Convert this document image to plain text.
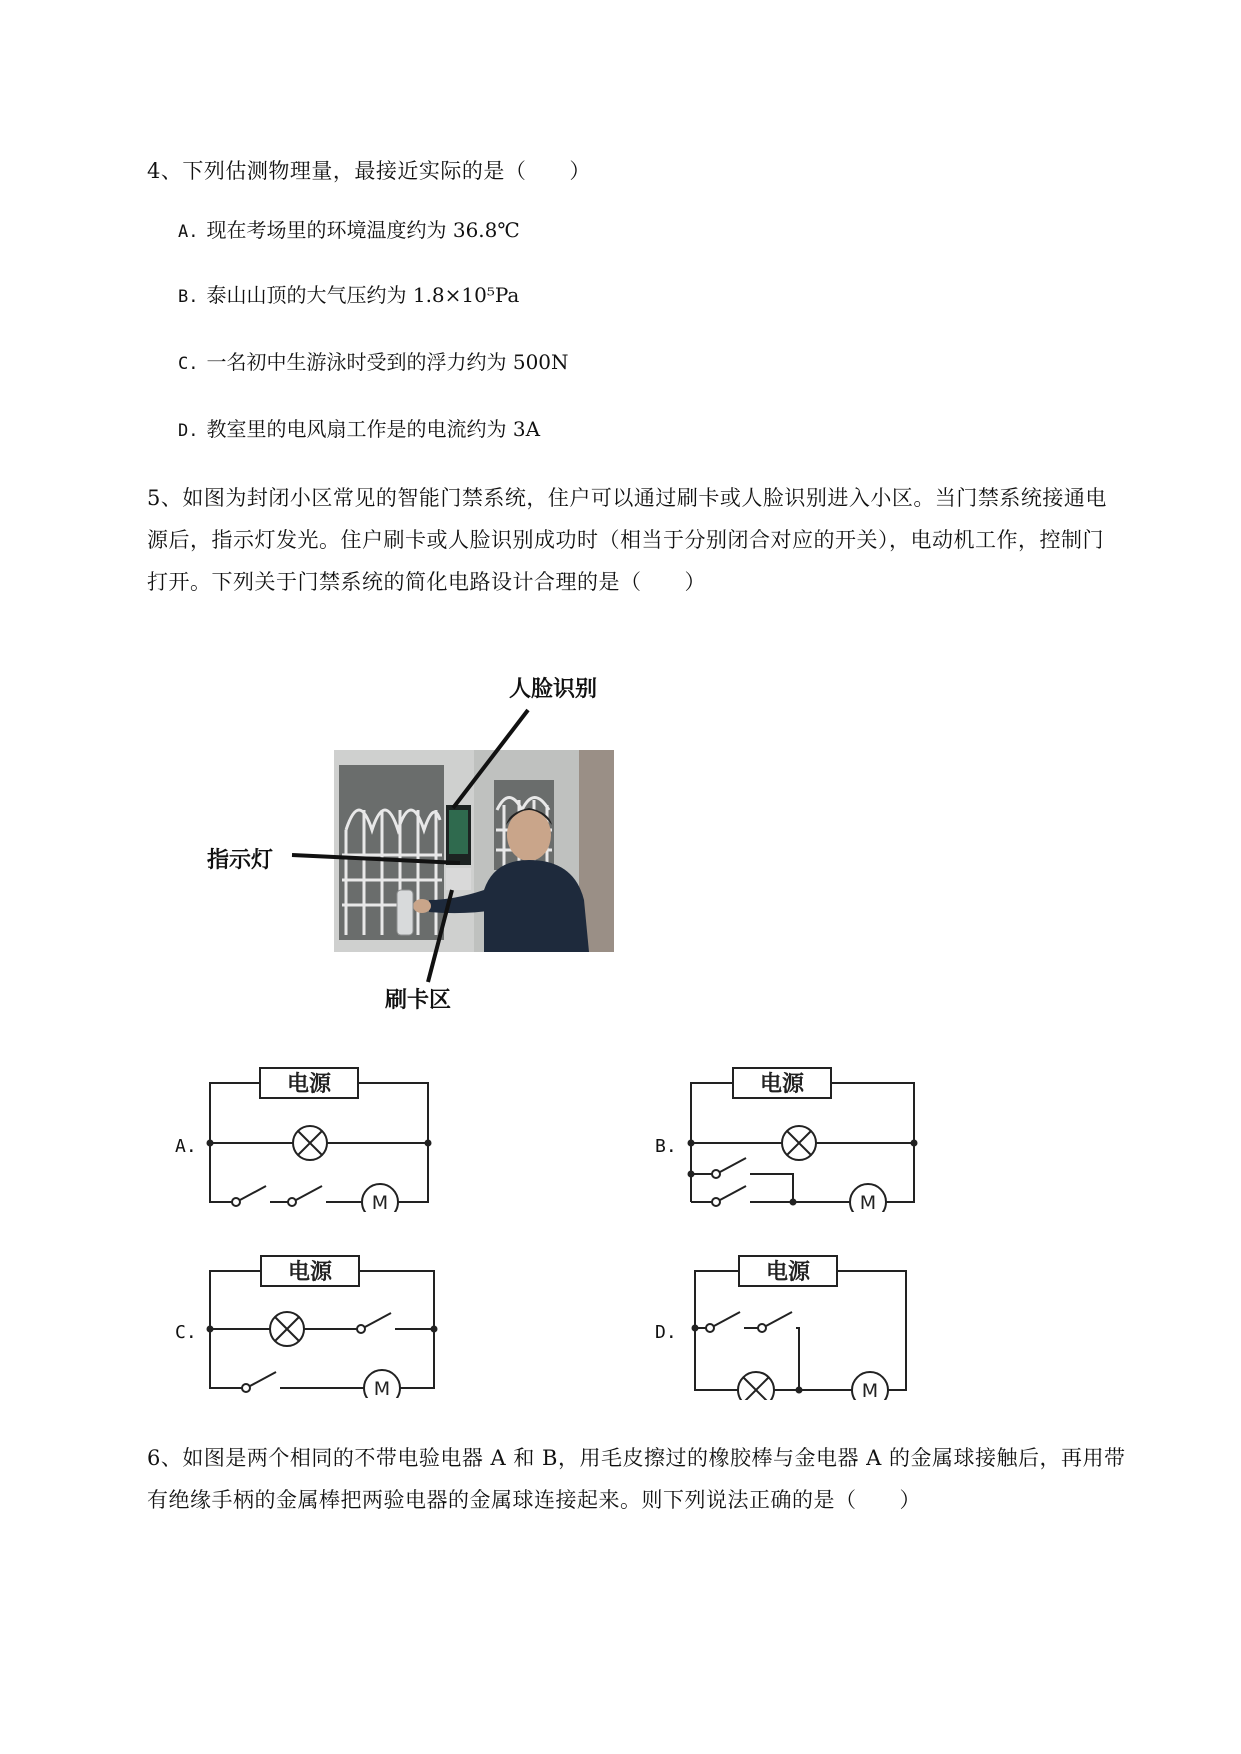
4、下列估测物理量，最接近实际的是（　　）
A. 现在考场里的环境温度约为 36.8℃
B. 泰山山顶的大气压约为 1.8×10⁵Pa
C. 一名初中生游泳时受到的浮力约为 500N
D. 教室里的电风扇工作是的电流约为 3A
5、如图为封闭小区常见的智能门禁系统，住户可以通过刷卡或人脸识别进入小区。当门禁系统接通电
源后，指示灯发光。住户刷卡或人脸识别成功时（相当于分别闭合对应的开关），电动机工作，控制门
打开。下列关于门禁系统的简化电路设计合理的是（　　）
人脸识别
指示灯
刷卡区
A.
电源
M
B.
电源
M
C.
电源
M
D.
电源
M
6、如图是两个相同的不带电验电器 A 和 B，用毛皮擦过的橡胶棒与金电器 A 的金属球接触后，再用带
有绝缘手柄的金属棒把两验电器的金属球连接起来。则下列说法正确的是（　　）
